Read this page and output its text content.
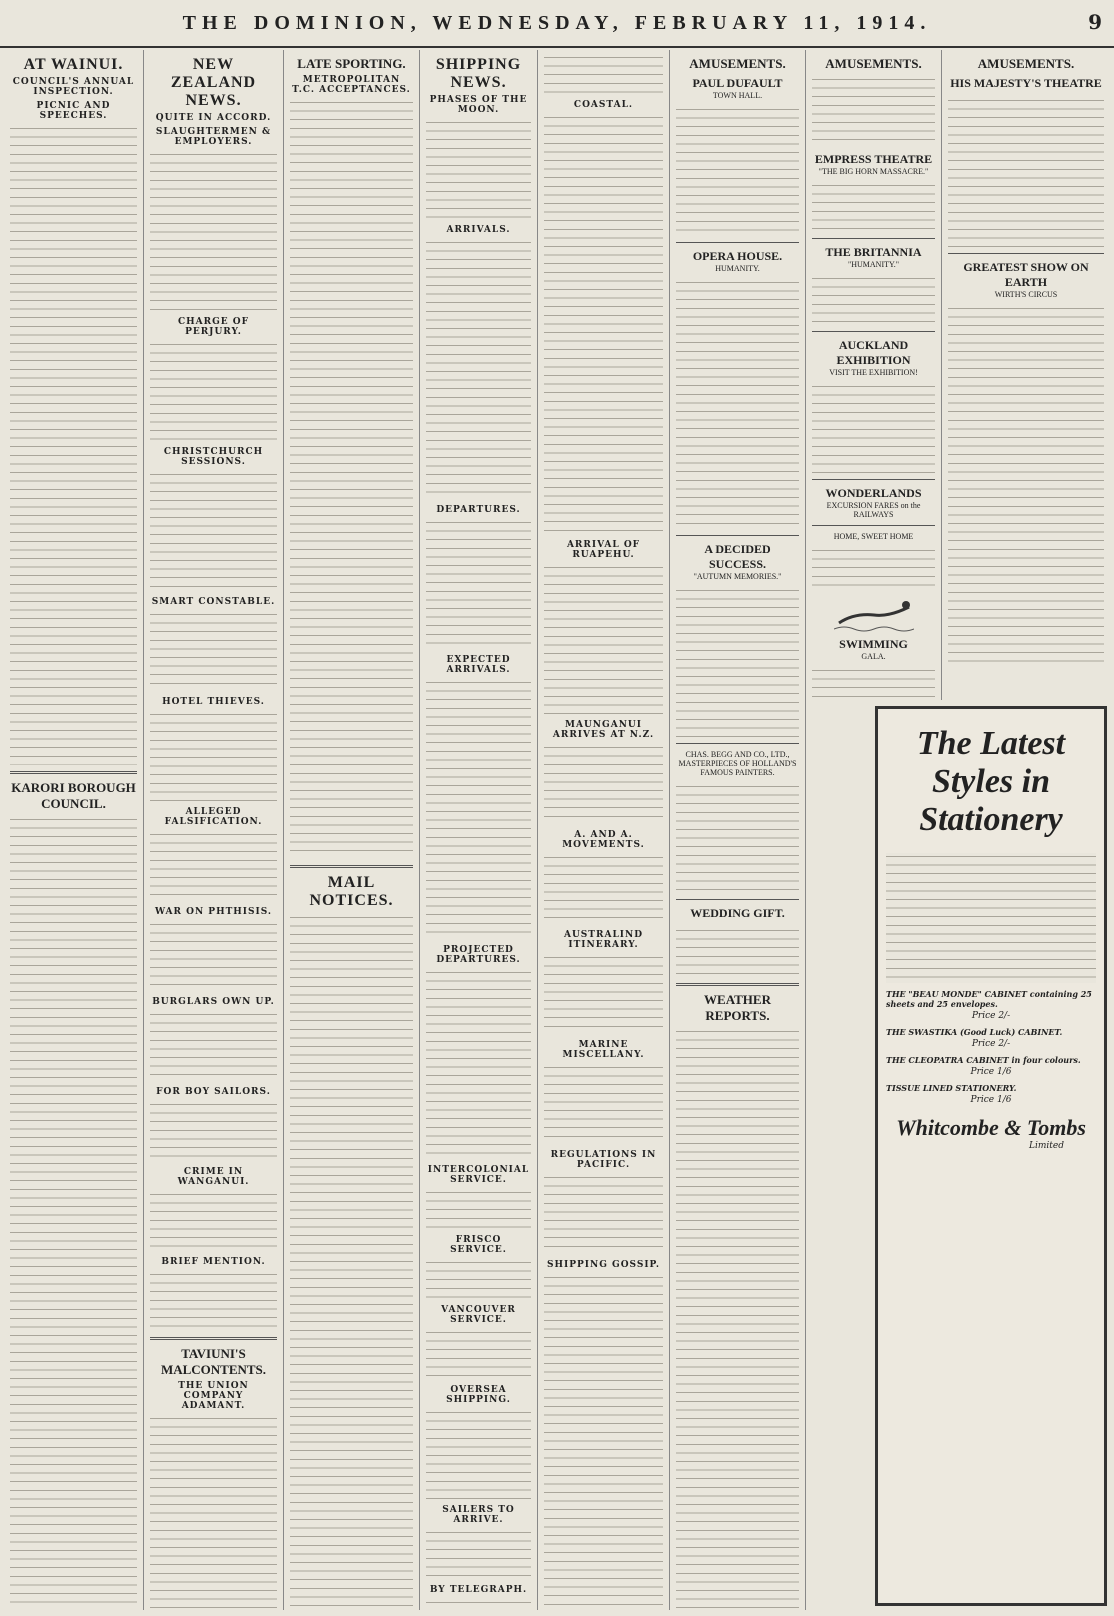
THE DOMINION, WEDNESDAY, FEBRUARY 11, 1914.	9
AT WAINUI.
COUNCIL'S ANNUAL INSPECTION.
PICNIC AND SPEECHES.
KARORI BOROUGH COUNCIL.
NEW ZEALAND NEWS.
QUITE IN ACCORD.
SLAUGHTERMEN & EMPLOYERS.
CHARGE OF PERJURY.
CHRISTCHURCH SESSIONS.
SMART CONSTABLE.
HOTEL THIEVES.
ALLEGED FALSIFICATION.
WAR ON PHTHISIS.
BURGLARS OWN UP.
FOR BOY SAILORS.
CRIME IN WANGANUI.
BRIEF MENTION.
TAVIUNI'S MALCONTENTS.
THE UNION COMPANY ADAMANT.
LATE SPORTING.
METROPOLITAN T.C. ACCEPTANCES.
MAIL NOTICES.
SHIPPING NEWS.
PHASES OF THE MOON.
ARRIVALS.
DEPARTURES.
EXPECTED ARRIVALS.
PROJECTED DEPARTURES.
INTERCOLONIAL SERVICE.
FRISCO SERVICE.
VANCOUVER SERVICE.
OVERSEA SHIPPING.
SAILERS TO ARRIVE.
BY TELEGRAPH.
COASTAL.
ARRIVAL OF RUAPEHU.
MAUNGANUI ARRIVES AT N.Z.
A. AND A. MOVEMENTS.
AUSTRALIND ITINERARY.
MARINE MISCELLANY.
REGULATIONS IN PACIFIC.
SHIPPING GOSSIP.
AMUSEMENTS.
PAUL DUFAULT
TOWN HALL.
OPERA HOUSE.
HUMANITY.
A DECIDED SUCCESS.
"AUTUMN MEMORIES."
CHAS. BEGG AND CO., LTD.,
MASTERPIECES OF HOLLAND'S FAMOUS PAINTERS.
WEDDING GIFT.
WEATHER REPORTS.
AMUSEMENTS.
EMPRESS THEATRE
"THE BIG HORN MASSACRE."
THE BRITANNIA
"HUMANITY."
AUCKLAND EXHIBITION
VISIT THE EXHIBITION!
WONDERLANDS
EXCURSION FARES on the RAILWAYS
HOME, SWEET HOME
SWIMMING
GALA.
AMUSEMENTS.
HIS MAJESTY'S THEATRE
GREATEST SHOW ON EARTH
WIRTH'S CIRCUS
The Latest Styles in Stationery
THE "BEAU MONDE" CABINET containing 25 sheets and 25 envelopes.
Price 2/-
THE SWASTIKA (Good Luck) CABINET.
Price 2/-
THE CLEOPATRA CABINET in four colours.
Price 1/6
TISSUE LINED STATIONERY.
Price 1/6
Whitcombe & Tombs
Limited
